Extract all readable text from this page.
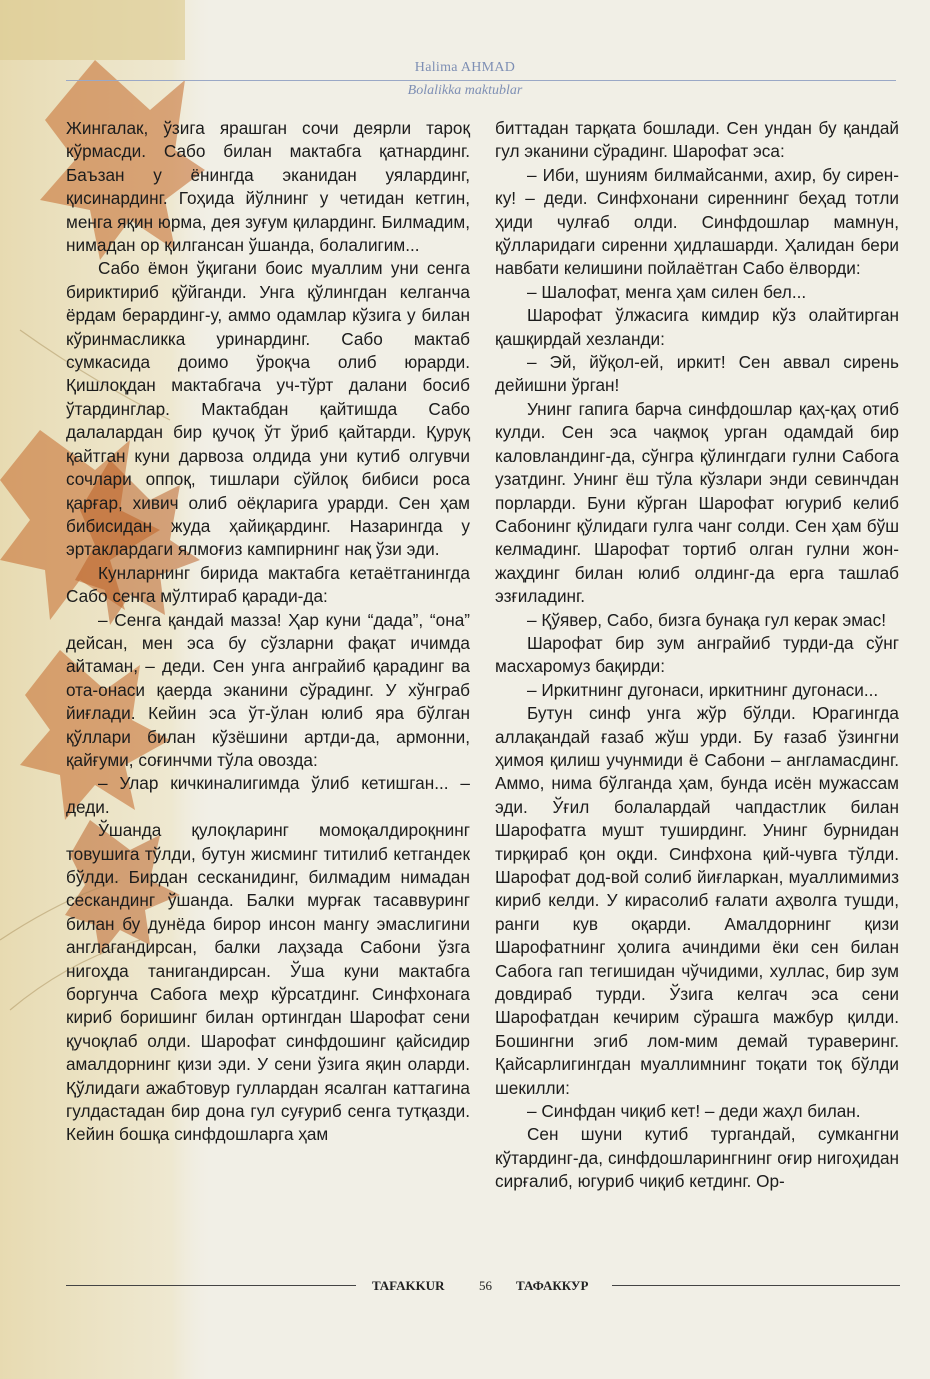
Halima AHMAD
Bolalikka maktublar

Жингалак, ўзига ярашган сочи деярли тароқ кўрмасди. Сабо билан мактабга қатнардинг. Баъзан у ёнингда эканидан уялардинг, қисинардинг. Гоҳида йўлнинг у четидан кетгин, менга яқин юрма, дея зуғум қилардинг. Билмадим, нимадан ор қилгансан ўшанда, болалигим...

Сабо ёмон ўқигани боис муаллим уни сенга бириктириб қўйганди. Унга қўлингдан келганча ёрдам берардинг-у, аммо одамлар кўзига у билан кўринмасликка уринардинг. Сабо мактаб сумкасида доимо ўроқча олиб юрарди. Қишлоқдан мактабгача уч-тўрт далани босиб ўтардинглар. Мактабдан қайтишда Сабо далалардан бир қучоқ ўт ўриб қайтарди. Қуруқ қайтган куни дарвоза олдида уни кутиб олгувчи сочлари оппоқ, тишлари сўйлоқ бибиси роса қарғар, хивич олиб оёқларига урарди. Сен ҳам бибисидан жуда ҳайиқардинг. Назарингда у эртаклардаги ялмоғиз кампирнинг нақ ўзи эди.

Кунларнинг бирида мактабга кетаётганингда Сабо сенга мўлтираб қаради-да:

– Сенга қандай мазза! Ҳар куни “дада”, “она” дейсан, мен эса бу сўзларни фақат ичимда айтаман, – деди. Сен унга анграйиб қарадинг ва ота-онаси қаерда эканини сўрадинг. У хўнграб йиғлади. Кейин эса ўт-ўлан юлиб яра бўлган қўллари билан кўзёшини артди-да, армонни, қайғуми, соғинчми тўла овозда:

– Улар кичкиналигимда ўлиб кетишган... – деди.

Ўшанда қулоқларинг момоқалдироқнинг товушига тўлди, бутун жисминг титилиб кетгандек бўлди. Бирдан сесканидинг, билмадим нимадан сескандинг ўшанда. Балки мурғак тасаввуринг билан бу дунёда бирор инсон мангу эмаслигини англагандирсан, балки лаҳзада Сабони ўзга нигоҳда танигандирсан. Ўша куни мактабга боргунча Сабога меҳр кўрсатдинг. Синфхонага кириб боришинг билан ортингдан Шарофат сени қучоқлаб олди. Шарофат синфдошинг қайсидир амалдорнинг қизи эди. У сени ўзига яқин оларди. Қўлидаги ажабтовур гуллардан ясалган каттагина гулдастадан бир дона гул суғуриб сенга тутқазди. Кейин бошқа синфдошларга ҳам

биттадан тарқата бошлади. Сен ундан бу қандай гул эканини сўрадинг. Шарофат эса:

– Иби, шуниям билмайсанми, ахир, бу сирен-ку! – деди. Синфхонани сиреннинг беҳад тотли ҳиди чулғаб олди. Синфдошлар мамнун, қўлларидаги сиренни ҳидлашарди. Ҳалидан бери навбати келишини пойлаётган Сабо ёлворди:

– Шалофат, менга ҳам силен бел...

Шарофат ўлжасига кимдир кўз олайтирган қашқирдай хезланди:

– Эй, йўқол-ей, иркит! Сен аввал сирень дейишни ўрган!

Унинг гапига барча синфдошлар қаҳ-қаҳ отиб кулди. Сен эса чақмоқ урган одамдай бир каловландинг-да, сўнгра қўлингдаги гулни Сабога узатдинг. Унинг ёш тўла кўзлари энди севинчдан порларди. Буни кўрган Шарофат югуриб келиб Сабонинг қўлидаги гулга чанг солди. Сен ҳам бўш келмадинг. Шарофат тортиб олган гулни жон-жаҳдинг билан юлиб олдинг-да ерга ташлаб эзғиладинг.

– Қўявер, Сабо, бизга бунақа гул керак эмас!

Шарофат бир зум анграйиб турди-да сўнг масхаромуз бақирди:

– Иркитнинг дугонаси, иркитнинг дугонаси...

Бутун синф унга жўр бўлди. Юрагингда аллақандай ғазаб жўш урди. Бу ғазаб ўзингни ҳимоя қилиш учунмиди ё Сабони – англамасдинг. Аммо, нима бўлганда ҳам, бунда исён мужассам эди. Ўғил болалардай чапдастлик билан Шарофатга мушт туширдинг. Унинг бурнидан тирқираб қон оқди. Синфхона қий-чувга тўлди. Шарофат дод-вой солиб йиғларкан, муаллимимиз кириб келди. У кирасолиб ғалати аҳволга тушди, ранги кув оқарди. Амалдорнинг қизи Шарофатнинг ҳолига ачиндими ёки сен билан Сабога гап тегишидан чўчидими, хуллас, бир зум довдираб турди. Ўзига келгач эса сени Шарофатдан кечирим сўрашга мажбур қилди. Бошингни эгиб лом-мим демай тураверинг. Қайсарлигингдан муаллимнинг тоқати тоқ бўлди шекилли:

– Синфдан чиқиб кет! – деди жаҳл билан.

Сен шуни кутиб тургандай, сумкангни кўтардинг-да, синфдошларингнинг оғир нигоҳидан сирғалиб, югуриб чиқиб кетдинг. Ор-

TAFAKKUR	56 ТАФАККУР
